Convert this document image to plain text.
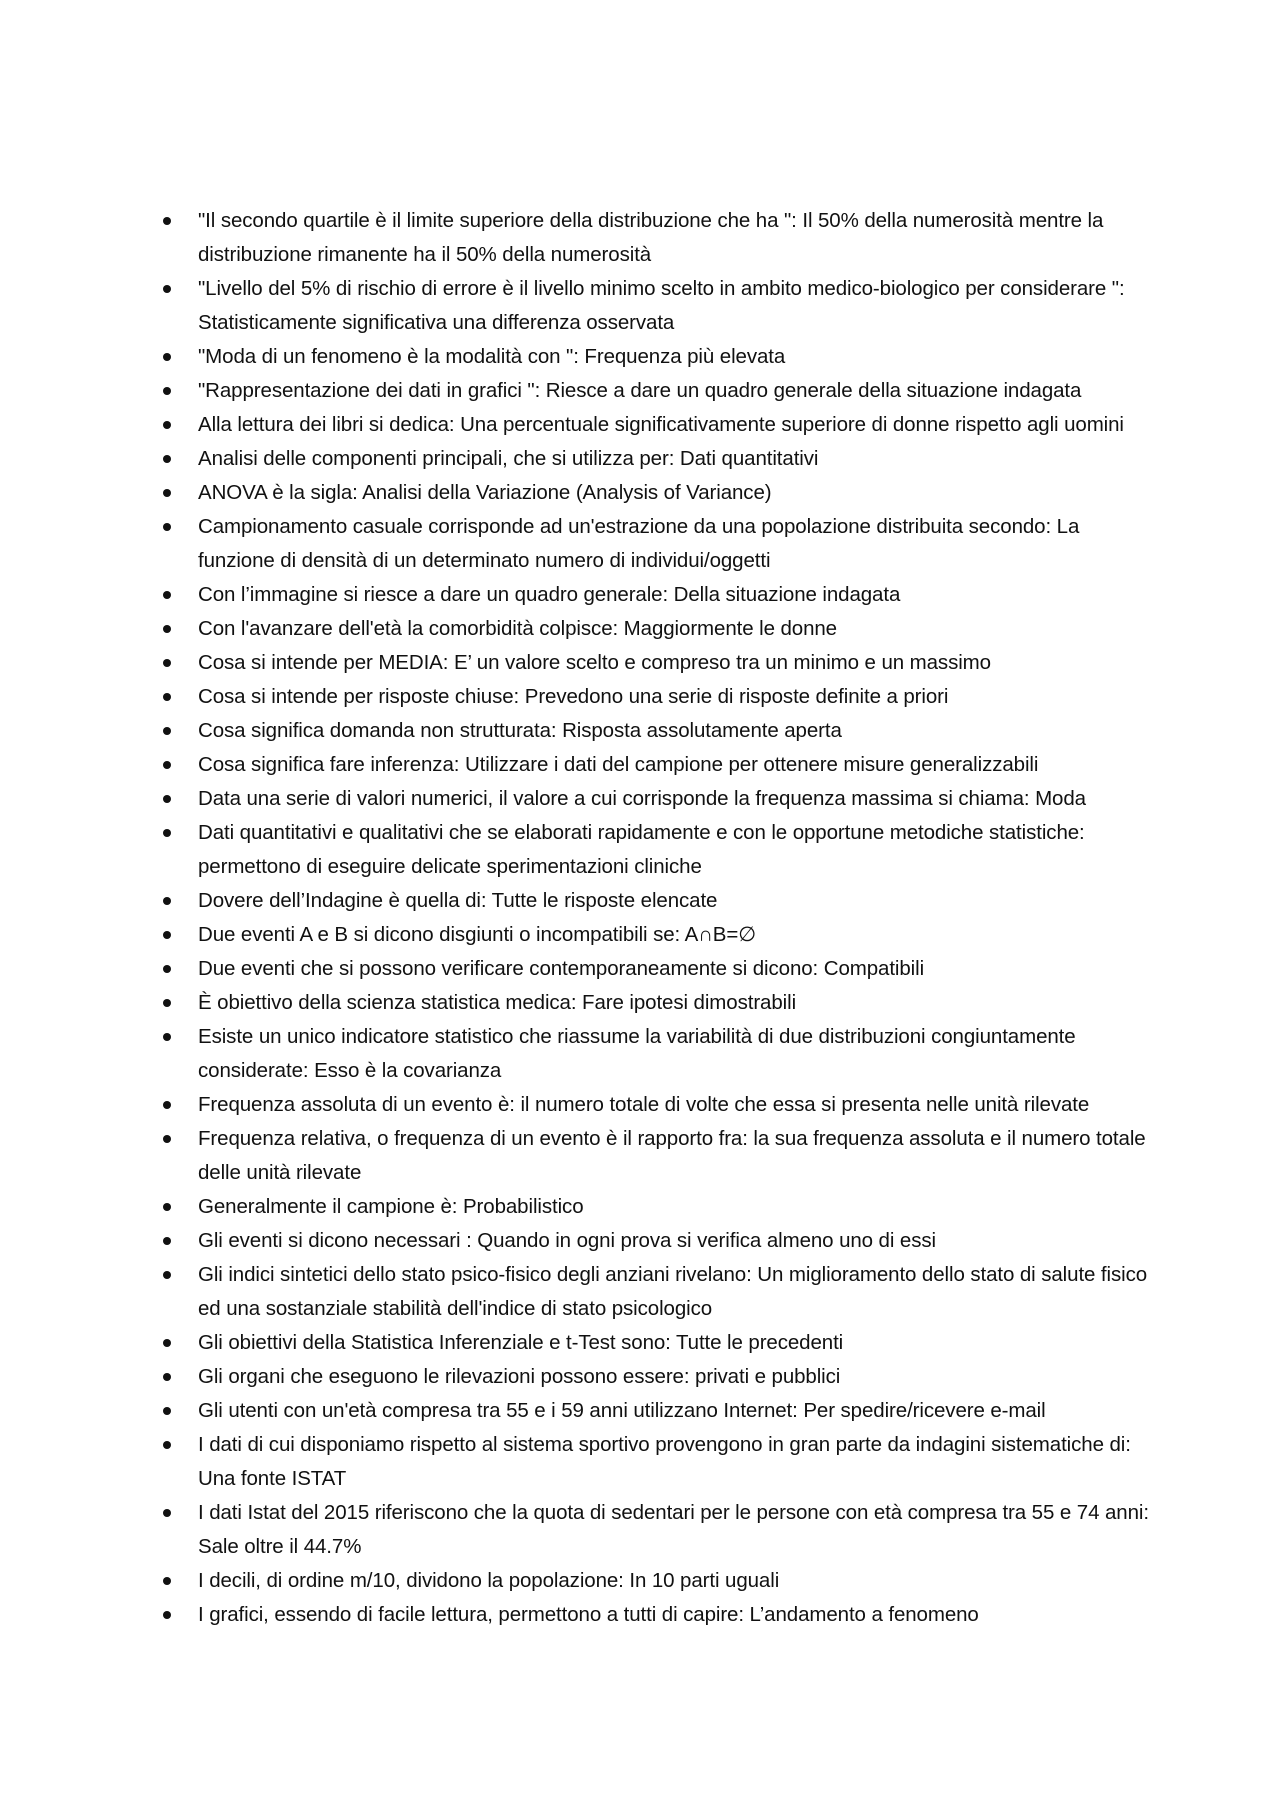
"Il secondo quartile è il limite superiore della distribuzione che ha ": Il 50% della numerosità mentre la distribuzione rimanente ha il 50% della numerosità
"Livello del 5% di rischio di errore è il livello minimo scelto in ambito medico-biologico per considerare ": Statisticamente significativa una differenza osservata
"Moda di un fenomeno è la modalità con ": Frequenza più elevata
"Rappresentazione dei dati in grafici ": Riesce a dare un quadro generale della situazione indagata
Alla lettura dei libri si dedica: Una percentuale significativamente superiore di donne rispetto agli uomini
Analisi delle componenti principali, che si utilizza per: Dati quantitativi
ANOVA è la sigla: Analisi della Variazione (Analysis of Variance)
Campionamento casuale corrisponde ad un'estrazione da una popolazione distribuita secondo: La funzione di densità di un determinato numero di individui/oggetti
Con l’immagine si riesce a dare un quadro generale: Della situazione indagata
Con l'avanzare dell'età la comorbidità colpisce: Maggiormente le donne
Cosa si intende per MEDIA: E’ un valore scelto e compreso tra un minimo e un massimo
Cosa si intende per risposte chiuse: Prevedono una serie di risposte definite a priori
Cosa significa domanda non strutturata: Risposta assolutamente aperta
Cosa significa fare inferenza: Utilizzare i dati del campione per ottenere misure generalizzabili
Data una serie di valori numerici, il valore a cui corrisponde la frequenza massima si chiama: Moda
Dati quantitativi e qualitativi che se elaborati rapidamente e con le opportune metodiche statistiche: permettono di eseguire delicate sperimentazioni cliniche
Dovere dell’Indagine è quella di: Tutte le risposte elencate
Due eventi A e B si dicono disgiunti o incompatibili se: A∩B=∅
Due eventi che si possono verificare contemporaneamente si dicono: Compatibili
È obiettivo della scienza statistica medica: Fare ipotesi dimostrabili
Esiste un unico indicatore statistico che riassume la variabilità di due distribuzioni congiuntamente considerate: Esso è la covarianza
Frequenza assoluta di un evento è: il numero totale di volte che essa si presenta nelle unità rilevate
Frequenza relativa, o frequenza di un evento è il rapporto fra: la sua frequenza assoluta e il numero totale delle unità rilevate
Generalmente il campione è: Probabilistico
Gli eventi si dicono necessari : Quando in ogni prova si verifica almeno uno di essi
Gli indici sintetici dello stato psico-fisico degli anziani rivelano: Un miglioramento dello stato di salute fisico ed una sostanziale stabilità dell'indice di stato psicologico
Gli obiettivi della Statistica Inferenziale e t-Test sono: Tutte le precedenti
Gli organi che eseguono le rilevazioni possono essere: privati e pubblici
Gli utenti con un'età compresa tra 55 e i 59 anni utilizzano Internet: Per spedire/ricevere e-mail
I dati di cui disponiamo rispetto al sistema sportivo provengono in gran parte da indagini sistematiche di: Una fonte ISTAT
I dati Istat del 2015 riferiscono che la quota di sedentari per le persone con età compresa tra 55 e 74 anni: Sale oltre il 44.7%
I decili, di ordine m/10, dividono la popolazione: In 10 parti uguali
I grafici, essendo di facile lettura, permettono a tutti di capire: L’andamento a fenomeno
